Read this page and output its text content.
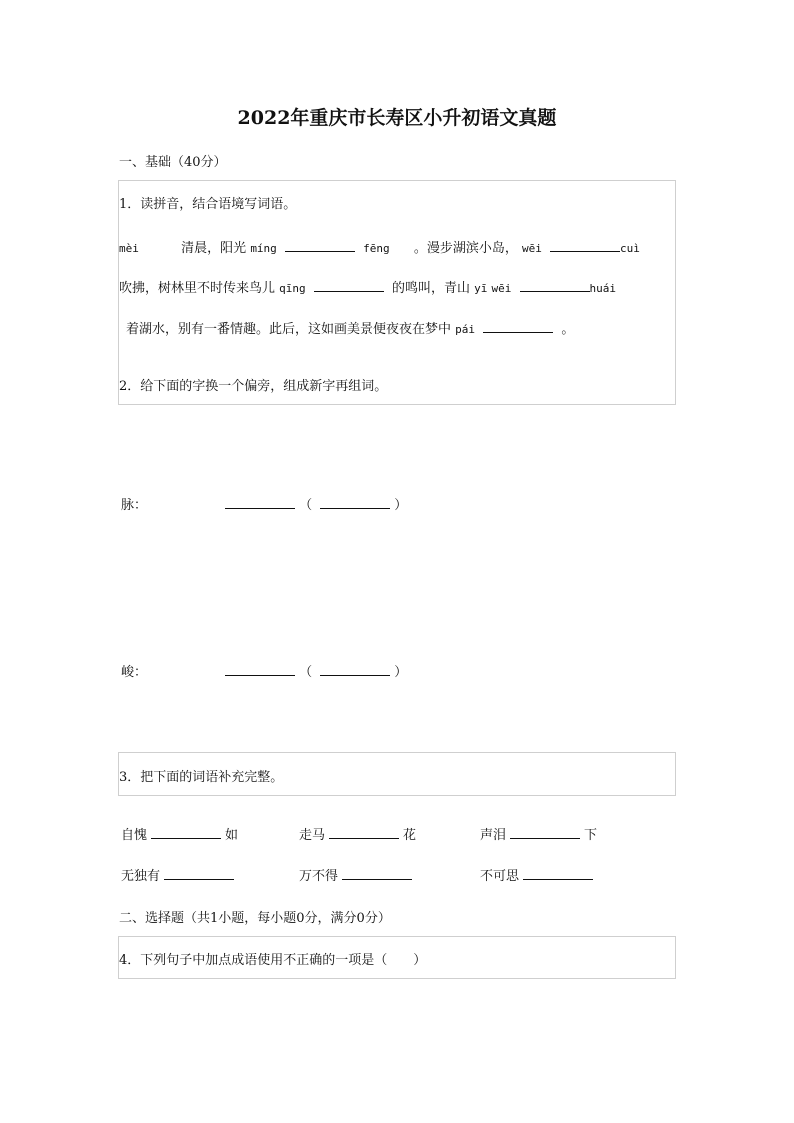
2022年重庆市长寿区小升初语文真题
一、基础（40分）
1．读拼音，结合语境写词语。
mèi	清晨，阳光 míng	fēng 。漫步湖滨小岛， wēi	cuì
吹拂，树林里不时传来鸟儿 qīng	的鸣叫，青山 yī wēi	huái
着湖水，别有一番情趣。此后，这如画美景便夜夜在梦中 pái	。
2．给下面的字换一个偏旁，组成新字再组词。
脉：	（	）
峻：	（	）
3．把下面的词语补充完整。
自愧	如	走马	花	声泪	下
无独有	万不得	不可思
二、选择题（共1小题，每小题0分，满分0分）
4．下列句子中加点成语使用不正确的一项是（　　）
